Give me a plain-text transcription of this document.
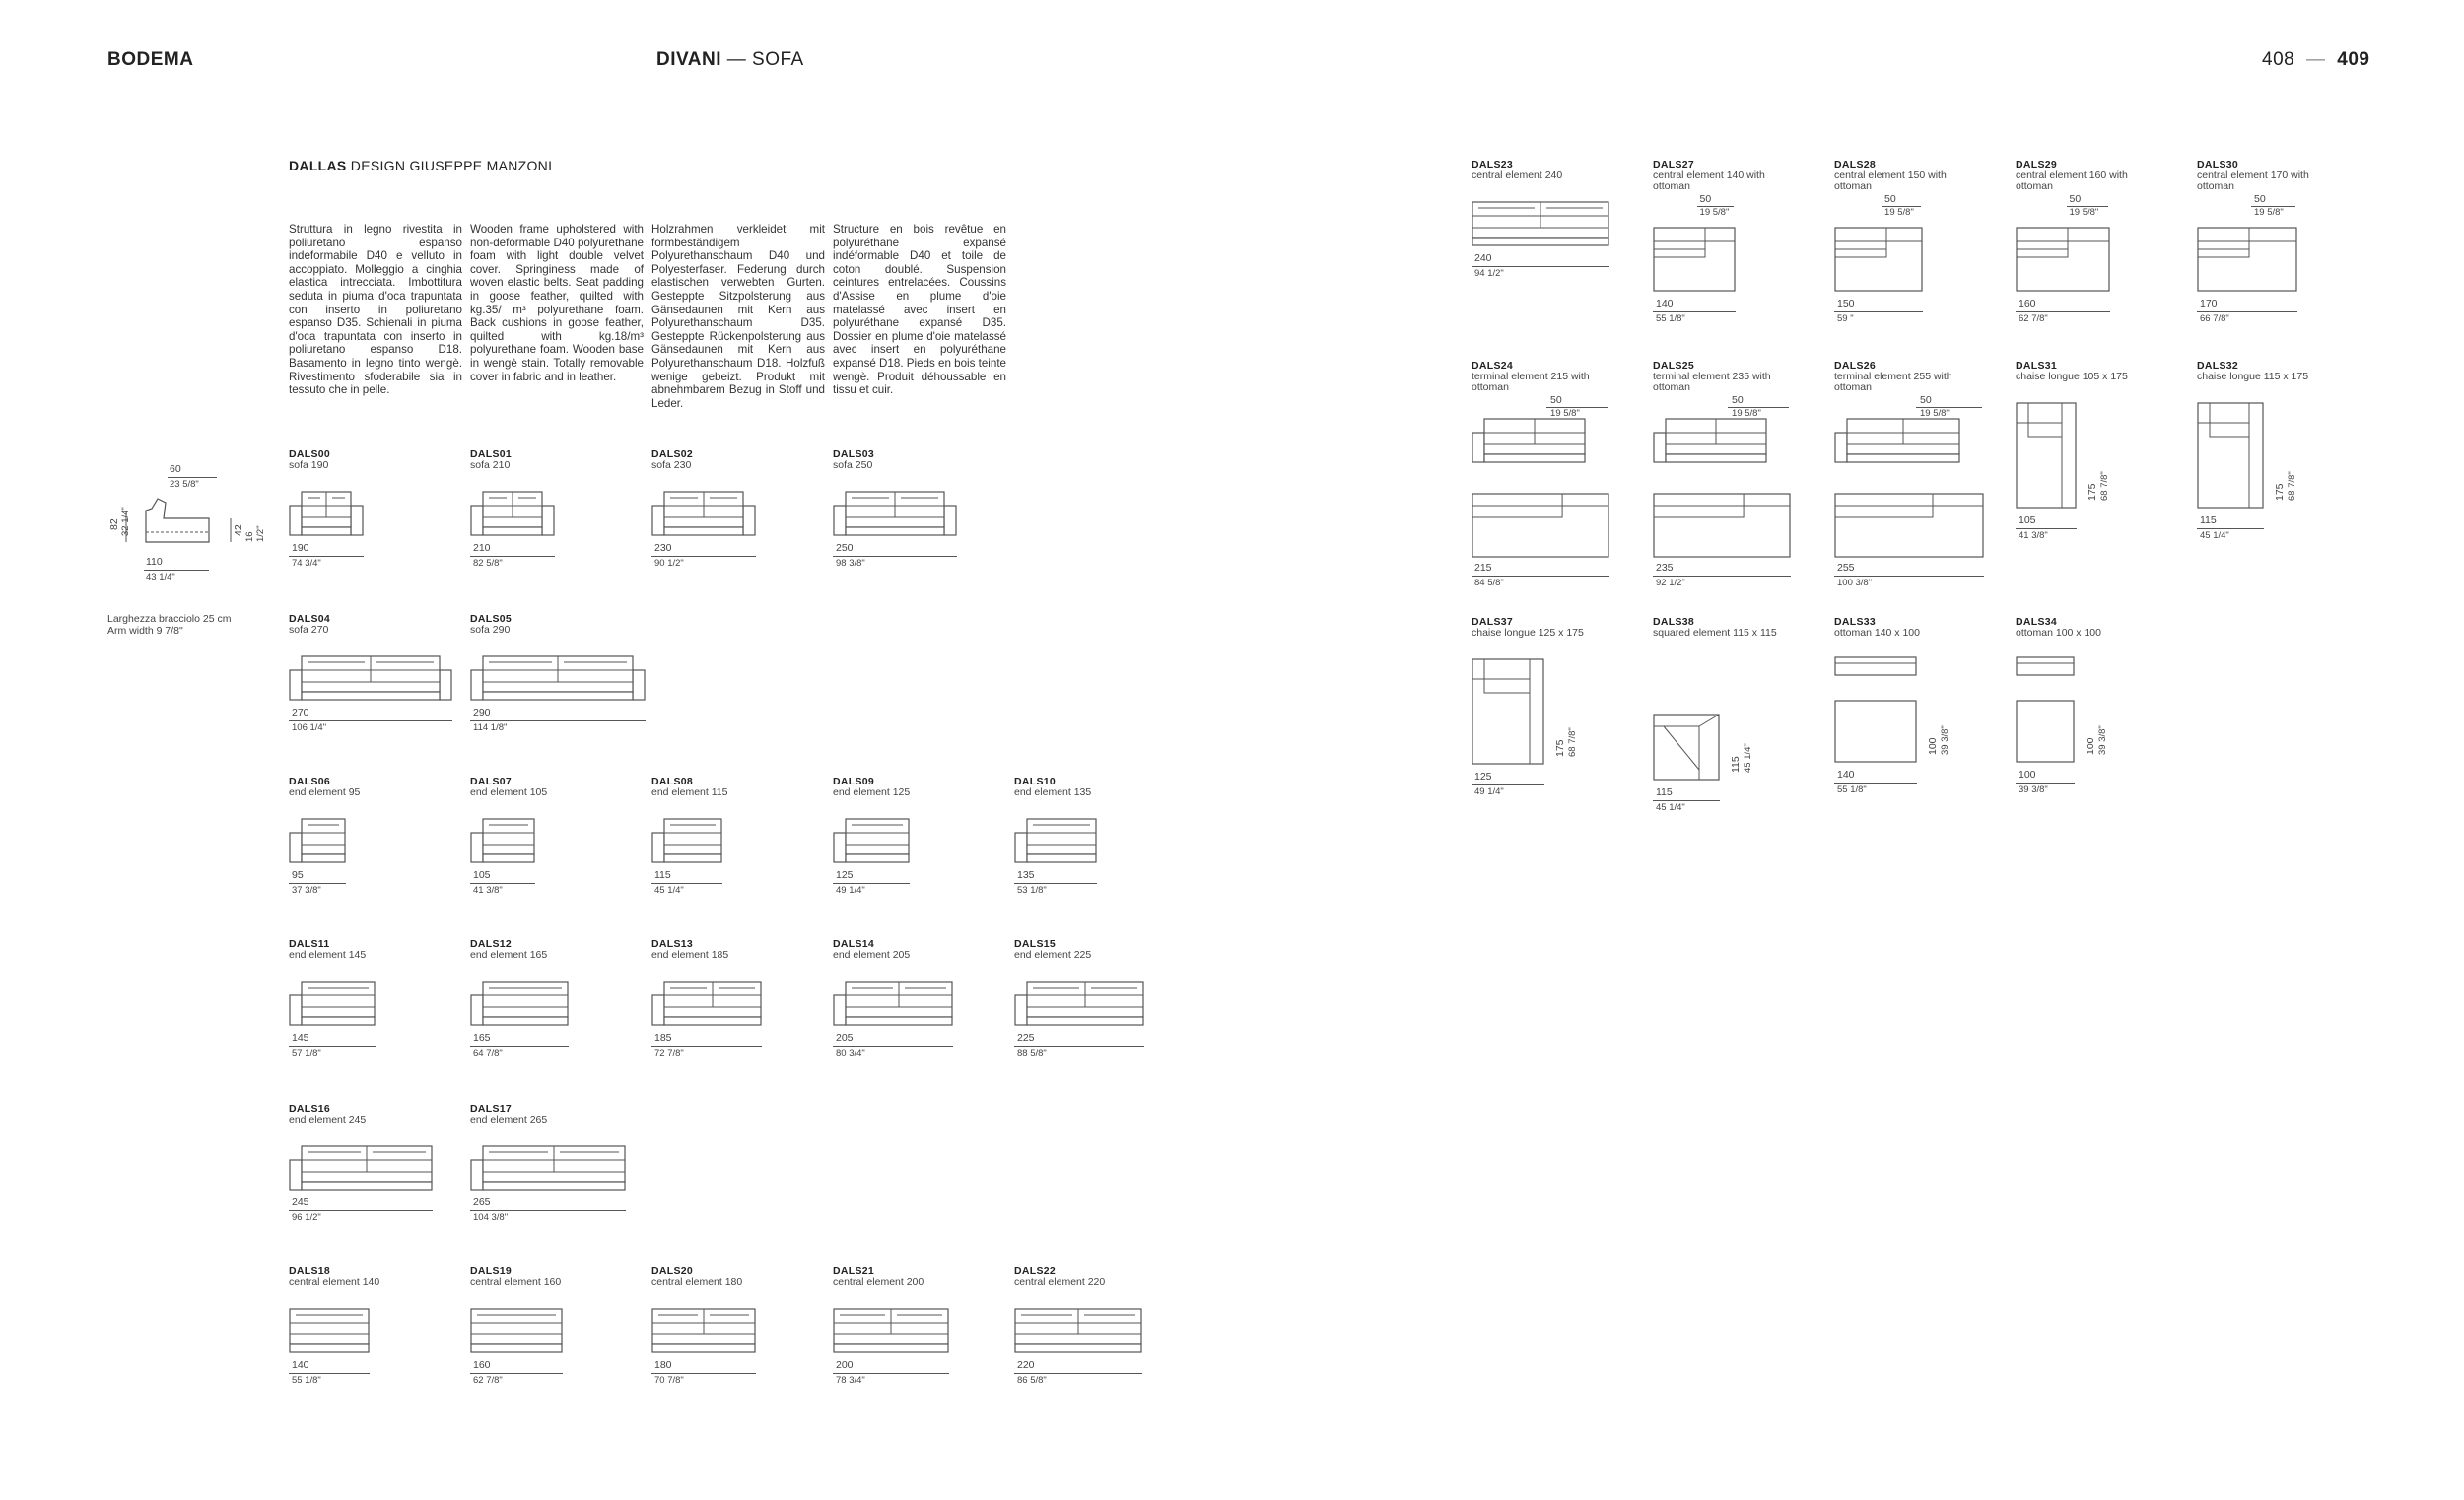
BODEMA	DIVANI — SOFA	408 — 409
DALLAS DESIGN GIUSEPPE MANZONI
Struttura in legno rivestita in poliuretano espanso indeformabile D40 e velluto in accoppiato. Molleggio a cinghia elastica intrecciata. Imbottitura seduta in piuma d'oca trapuntata con inserto in poliuretano espanso D35. Schienali in piuma d'oca trapuntata con inserto in poliuretano espanso D18. Basamento in legno tinto wengè. Rivestimento sfoderabile sia in tessuto che in pelle.
Wooden frame upholstered with non-deformable D40 polyurethane foam with light double velvet cover. Springiness made of woven elastic belts. Seat padding in goose feather, quilted with kg.35/ m³ polyurethane foam. Back cushions in goose feather, quilted with kg.18/m³ polyurethane foam. Wooden base in wengè stain. Totally removable cover in fabric and in leather.
Holzrahmen verkleidet mit formbeständigem Polyurethanschaum D40 und Polyesterfaser. Federung durch elastischen verwebten Gurten. Gesteppte Sitzpolsterung aus Gänsedaunen mit Kern aus Polyurethanschaum D35. Gesteppte Rückenpolsterung aus Gänsedaunen mit Kern aus Polyurethanschaum D18. Holzfuß wenige gebeizt. Produkt mit abnehmbarem Bezug in Stoff und Leder.
Structure en bois revêtue en polyuréthane expansé indéformable D40 et toile de coton doublé. Suspension ceintures entrelacées. Coussins d'Assise en plume d'oie matelassé avec insert en polyuréthane expansé D35. Dossier en plume d'oie matelassé avec insert en polyuréthane expansé D18. Pieds en bois teinte wengè. Produit déhoussable en tissu et cuir.
60
23 5/8"
82 32 1/4"	42
16 1/2"
110
43 1/4"
Larghezza bracciolo 25 cm
Arm width 9 7/8"
DALS00
sofa 190
190
74 3/4"
DALS01
sofa 210
210
82 5/8"
DALS02
sofa 230
230
90 1/2"
DALS03
sofa 250
250
98 3/8"
DALS04
sofa 270
270
106 1/4"
DALS05
sofa 290
290
114 1/8"
DALS06
end element 95
95
37 3/8"
DALS07
end element 105
105
41 3/8"
DALS08
end element 115
115
45 1/4"
DALS09
end element 125
125
49 1/4"
DALS10
end element 135
135
53 1/8"
DALS11
end element 145
145
57 1/8"
DALS12
end element 165
165
64 7/8"
DALS13
end element 185
185
72 7/8"
DALS14
end element 205
205
80 3/4"
DALS15
end element 225
225
88 5/8"
DALS16
end element 245
245
96 1/2"
DALS17
end element 265
265
104 3/8"
DALS18
central element 140
140
55 1/8"
DALS19
central element 160
160
62 7/8"
DALS20
central element 180
180
70 7/8"
DALS21
central element 200
200
78 3/4"
DALS22
central element 220
220
86 5/8"
DALS23
central element 240
240
94 1/2"
DALS27
central element 140 with ottoman
50
19 5/8"
140
55 1/8"
DALS28
central element 150 with ottoman
50
19 5/8"
150
59 "
DALS29
central element 160 with ottoman
50
19 5/8"
160
62 7/8"
DALS30
central element 170 with ottoman
50
19 5/8"
170
66 7/8"
DALS24
terminal element 215 with ottoman
50
19 5/8"
215
84 5/8"
DALS25
terminal element 235 with ottoman
50
19 5/8"
235
92 1/2"
DALS26
terminal element 255 with ottoman
50
19 5/8"
255
100 3/8"
DALS31
chaise longue 105 x 175
175 68 7/8"
105
41 3/8"
DALS32
chaise longue 115 x 175
175 68 7/8"
115
45 1/4"
DALS37
chaise longue 125 x 175
175 68 7/8"
125
49 1/4"
DALS38
squared element 115 x 115
115 45 1/4"
115
45 1/4"
DALS33
ottoman 140 x 100
100 39 3/8"
140
55 1/8"
DALS34
ottoman 100 x 100
100 39 3/8"
100
39 3/8"
